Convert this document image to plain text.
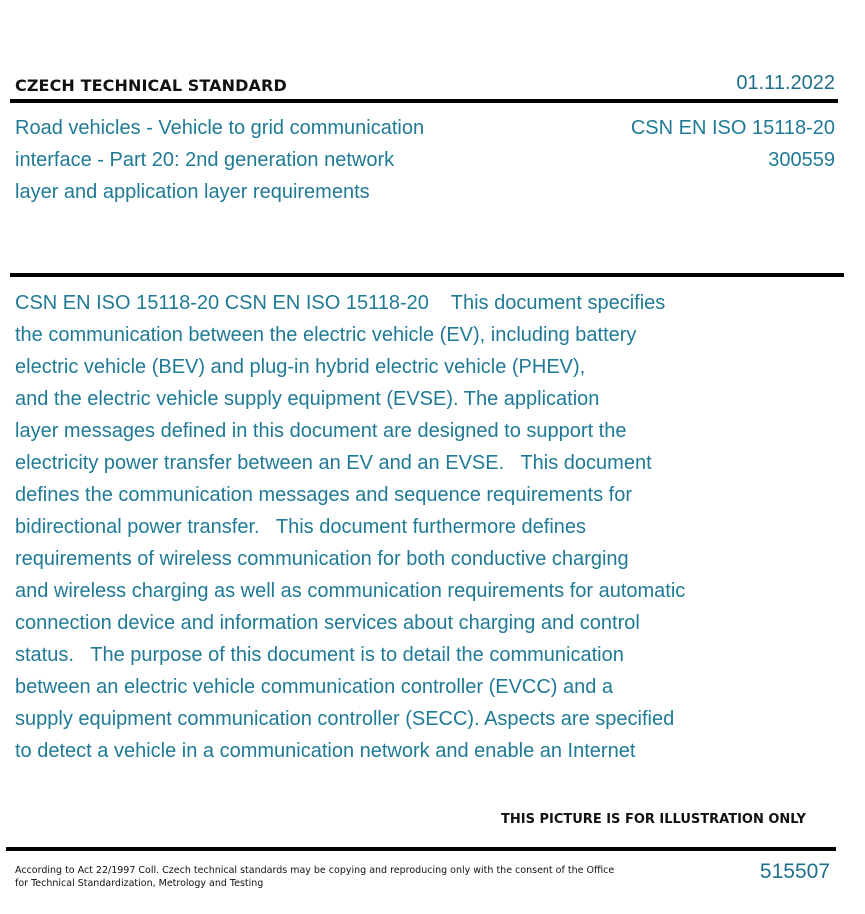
CZECH TECHNICAL STANDARD	01.11.2022
Road vehicles - Vehicle to grid communication
interface - Part 20: 2nd generation network
layer and application layer requirements
CSN EN ISO 15118-20
300559
CSN EN ISO 15118-20 CSN EN ISO 15118-20    This document specifies
the communication between the electric vehicle (EV), including battery
electric vehicle (BEV) and plug-in hybrid electric vehicle (PHEV),
and the electric vehicle supply equipment (EVSE). The application
layer messages defined in this document are designed to support the
electricity power transfer between an EV and an EVSE.   This document
defines the communication messages and sequence requirements for
bidirectional power transfer.   This document furthermore defines
requirements of wireless communication for both conductive charging
and wireless charging as well as communication requirements for automatic
connection device and information services about charging and control
status.   The purpose of this document is to detail the communication
between an electric vehicle communication controller (EVCC) and a
supply equipment communication controller (SECC). Aspects are specified
to detect a vehicle in a communication network and enable an Internet
THIS PICTURE IS FOR ILLUSTRATION ONLY
According to Act 22/1997 Coll. Czech technical standards may be copying and reproducing only with the consent of the Office
for Technical Standardization, Metrology and Testing
515507
